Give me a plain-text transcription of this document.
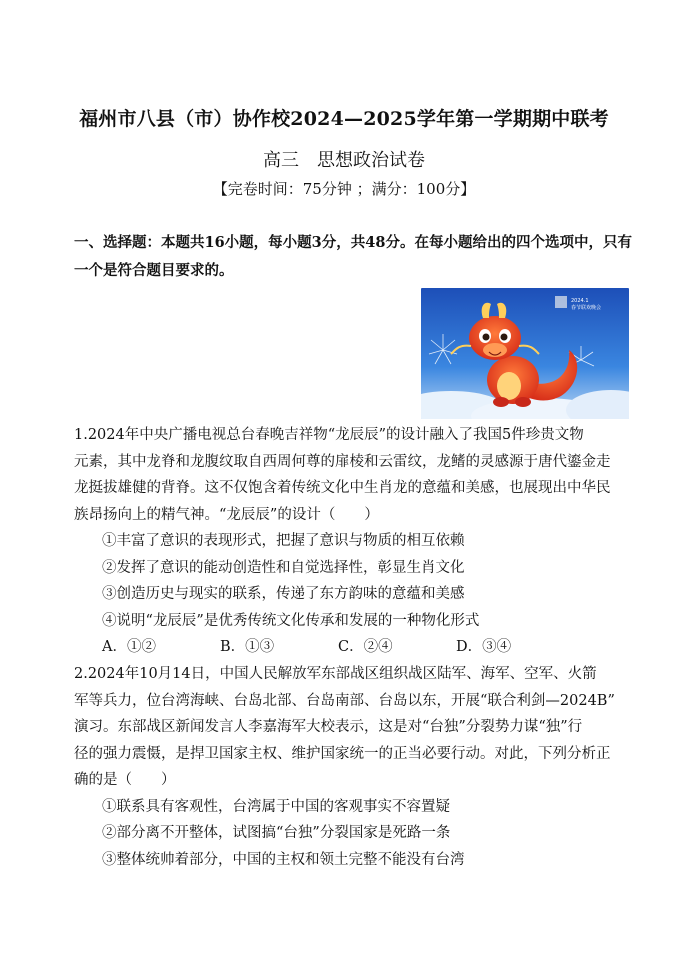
福州市八县（市）协作校2024—2025学年第一学期期中联考
高三　思想政治试卷
【完卷时间：75分钟 ；满分：100分】
一、选择题：本题共16小题，每小题3分，共48分。在每小题给出的四个选项中，只有一个是符合题目要求的。
2024.1
春节联欢晚会
1.2024年中央广播电视总台春晚吉祥物“龙辰辰”的设计融入了我国5件珍贵文物
元素，其中龙脊和龙腹纹取自西周何尊的扉棱和云雷纹，龙鳍的灵感源于唐代鎏金走
龙挺拔雄健的背脊。这不仅饱含着传统文化中生肖龙的意蕴和美感，也展现出中华民
族昂扬向上的精气神。“龙辰辰”的设计（　　）
①丰富了意识的表现形式，把握了意识与物质的相互依赖
②发挥了意识的能动创造性和自觉选择性，彰显生肖文化
③创造历史与现实的联系，传递了东方韵味的意蕴和美感
④说明“龙辰辰”是优秀传统文化传承和发展的一种物化形式
A．①②	B．①③	C．②④	D．③④
2.2024年10月14日，中国人民解放军东部战区组织战区陆军、海军、空军、火箭
军等兵力，位台湾海峡、台岛北部、台岛南部、台岛以东，开展“联合利剑—2024B”
演习。东部战区新闻发言人李嘉海军大校表示，这是对“台独”分裂势力谋“独”行
径的强力震慑，是捍卫国家主权、维护国家统一的正当必要行动。对此，下列分析正
确的是（　　）
①联系具有客观性，台湾属于中国的客观事实不容置疑
②部分离不开整体，试图搞“台独”分裂国家是死路一条
③整体统帅着部分，中国的主权和领土完整不能没有台湾
